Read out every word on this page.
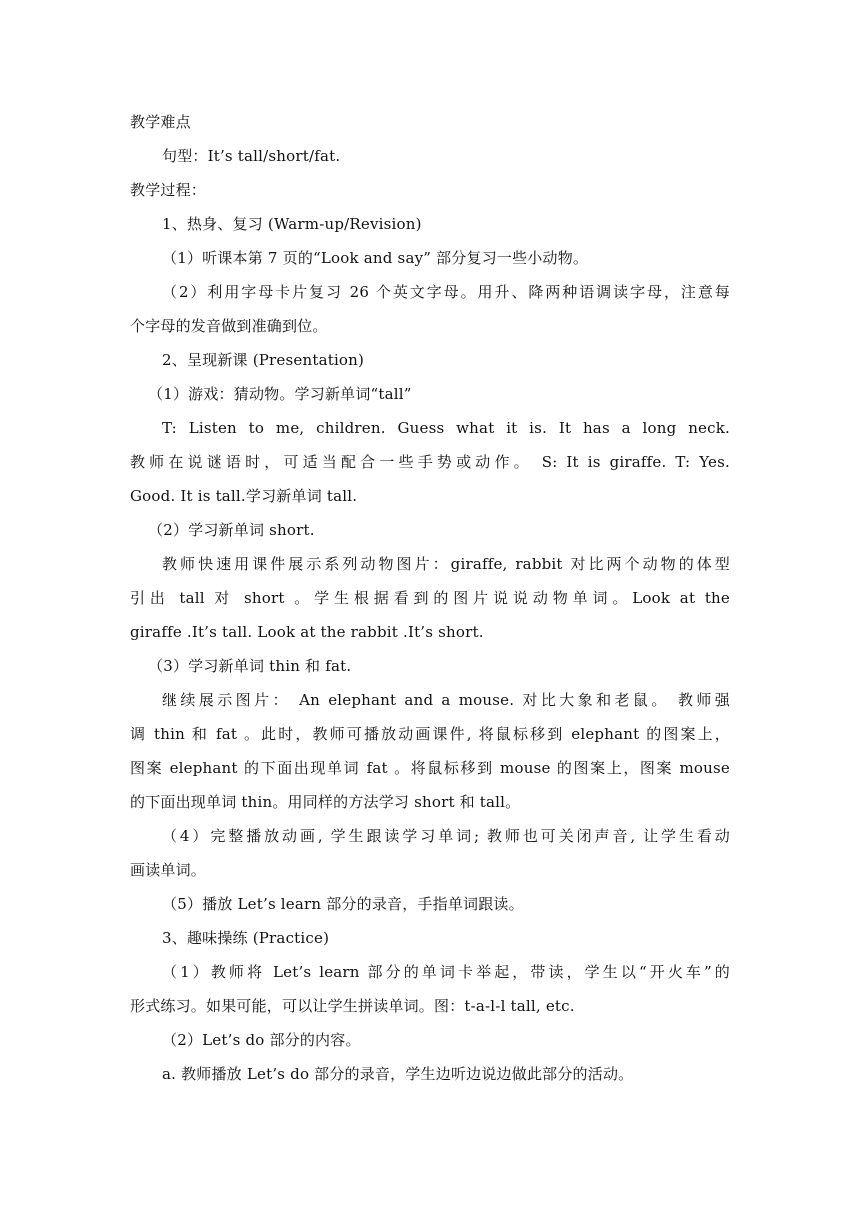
教学难点
句型：It’s tall/short/fat.
教学过程：
1、热身、复习 (Warm-up/Revision)
（1）听课本第 7 页的“Look and say” 部分复习一些小动物。
（2）利用字母卡片复习 26 个英文字母。用升、降两种语调读字母，注意每
个字母的发音做到准确到位。
2、呈现新课 (Presentation)
（1）游戏：猜动物。学习新单词“tall”
T: Listen to me, children. Guess what it is. It has a long neck.
教师在说谜语时，可适当配合一些手势或动作。 S: It is giraffe. T: Yes.
Good. It is tall.学习新单词 tall.
（2）学习新单词 short.
教师快速用课件展示系列动物图片：giraffe, rabbit 对比两个动物的体型
引出 tall 对 short 。学生根据看到的图片说说动物单词。Look at the
giraffe .It’s tall. Look at the rabbit .It’s short.
（3）学习新单词 thin 和 fat.
继续展示图片： An elephant and a mouse. 对比大象和老鼠。 教师强
调 thin 和 fat 。此时，教师可播放动画课件, 将鼠标移到 elephant 的图案上，
图案 elephant 的下面出现单词 fat 。将鼠标移到 mouse 的图案上，图案 mouse
的下面出现单词 thin。用同样的方法学习 short 和 tall。
（4）完整播放动画, 学生跟读学习单词; 教师也可关闭声音, 让学生看动
画读单词。
（5）播放 Let’s learn 部分的录音，手指单词跟读。
3、趣味操练 (Practice)
（1）教师将 Let’s learn 部分的单词卡举起，带读，学生以“开火车”的
形式练习。如果可能，可以让学生拼读单词。图：t-a-l-l tall, etc.
（2）Let’s do 部分的内容。
a. 教师播放 Let’s do 部分的录音，学生边听边说边做此部分的活动。
